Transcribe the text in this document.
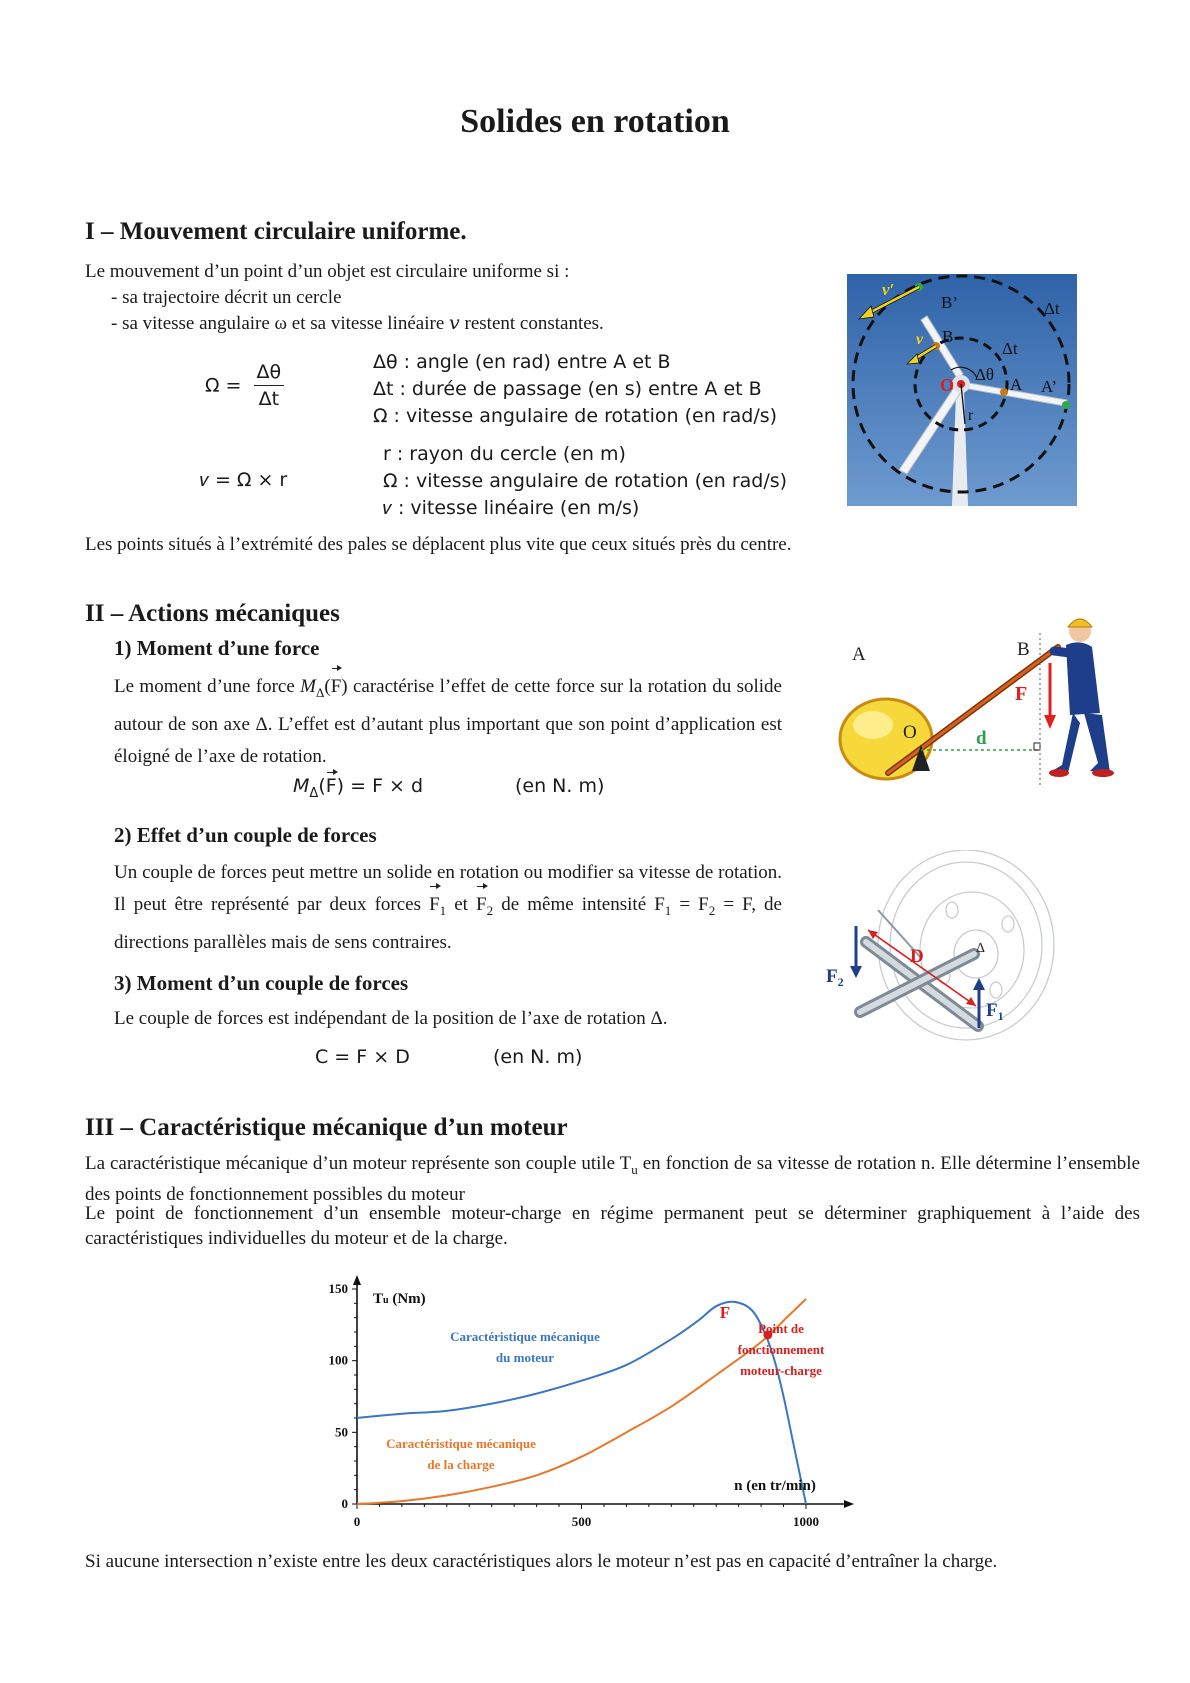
Solides en rotation
I – Mouvement circulaire uniforme.
Le mouvement d’un point d’un objet est circulaire uniforme si :
- sa trajectoire décrit un cercle
- sa vitesse angulaire ω et sa vitesse linéaire 𝑣 restent constantes.
$\Omega = \frac{\Delta\theta}{\Delta t}$	Δθ : angle (en rad) entre A et B
Δt : durée de passage (en s) entre A et B
Ω : vitesse angulaire de rotation (en rad/s)
𝑣 = Ω × r
r : rayon du cercle (en m)
Ω : vitesse angulaire de rotation (en rad/s)
𝑣 : vitesse linéaire (en m/s)
Les points situés à l’extrémité des pales se déplacent plus vite que ceux situés près du centre.
v′
v
B’
B
A A’
O
r
Δt
Δt
Δθ
II – Actions mécaniques
1) Moment d’une force
Le moment d’une force $M_\Delta(F)$ caractérise l’effet de cette force sur la rotation du solide autour de son axe Δ. L’effet est d’autant plus important que son point d’application est éloigné de l’axe de rotation.
$M_\Delta(F) = F \times d$	(en N. m)
A	B
O
F
d
2) Effet d’un couple de forces
Un couple de forces peut mettre un solide en rotation ou modifier sa vitesse de rotation. Il peut être représenté par deux forces $F_1$ et $F_2$ de même intensité $F_1 = F_2 = F$, de directions parallèles mais de sens contraires.
D	Δ
$F_2$
$F_1$
3) Moment d’un couple de forces
Le couple de forces est indépendant de la position de l’axe de rotation Δ.
C = F × D	(en N. m)
III – Caractéristique mécanique d’un moteur
La caractéristique mécanique d’un moteur représente son couple utile $T_u$ en fonction de sa vitesse de rotation n. Elle détermine l’ensemble des points de fonctionnement possibles du moteur
Le point de fonctionnement d’un ensemble moteur-charge en régime permanent peut se déterminer graphiquement à l’aide des caractéristiques individuelles du moteur et de la charge.
0	500	1000
0
50
100
150
Tu (Nm)
n (en tr/min)
F
Point de
fonctionnement
moteur-charge
Caractéristique mécanique
du moteur
Caractéristique mécanique
de la charge
Si aucune intersection n’existe entre les deux caractéristiques alors le moteur n’est pas en capacité d’entraîner la charge.
